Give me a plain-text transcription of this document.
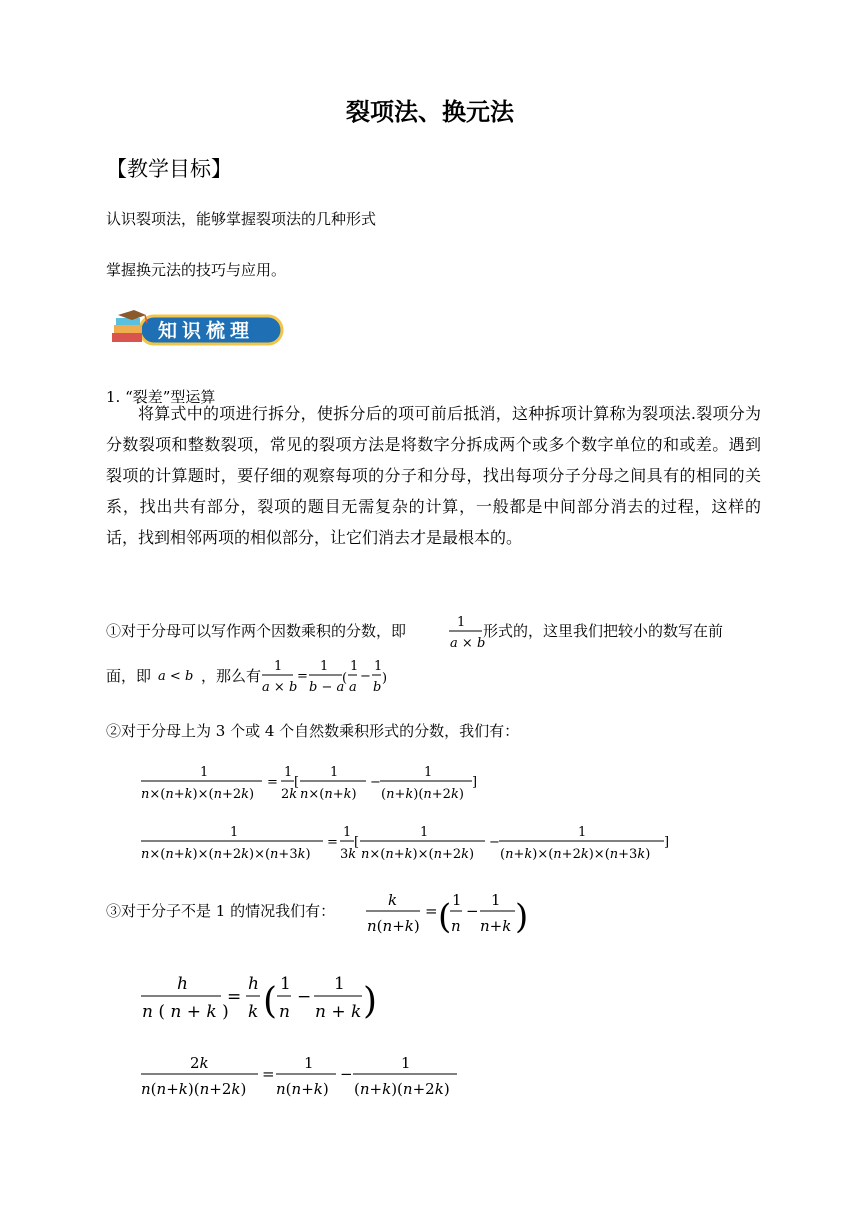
裂项法、换元法
【教学目标】
认识裂项法，能够掌握裂项法的几种形式
掌握换元法的技巧与应用。
知识梳理
1. “裂差”型运算
将算式中的项进行拆分，使拆分后的项可前后抵消，这种拆项计算称为裂项法.裂项分为分数裂项和整数裂项，常见的裂项方法是将数字分拆成两个或多个数字单位的和或差。遇到裂项的计算题时，要仔细的观察每项的分子和分母，找出每项分子分母之间具有的相同的关系，找出共有部分，裂项的题目无需复杂的计算，一般都是中间部分消去的过程，这样的话，找到相邻两项的相似部分，让它们消去才是最根本的。
①对于分母可以写作两个因数乘积的分数，即	形式的，这里我们把较小的数写在前
面，即	，那么有
②对于分母上为 3 个或 4 个自然数乘积形式的分数，我们有：
③对于分子不是 1 的情况我们有：
1
a × b
a < b
1
a × b
=
1
b − a
(
1
a
−
1
b
)
1
n×(n+k)×(n+2k)
=
1
2k
[
1
n×(n+k)
−
1
(n+k)(n+2k)
]
1
n×(n+k)×(n+2k)×(n+3k)
=
1
3k
[
1
n×(n+k)×(n+2k)
−
1
(n+k)×(n+2k)×(n+3k)
]
k
n(n+k)
= ( 1
n
−
1
n+k )
h
n ( n + k )
=
h
k ( 1
n
−
1
n + k )
2k
n(n+k)(n+2k)
=
1
n(n+k)
−
1
(n+k)(n+2k)
